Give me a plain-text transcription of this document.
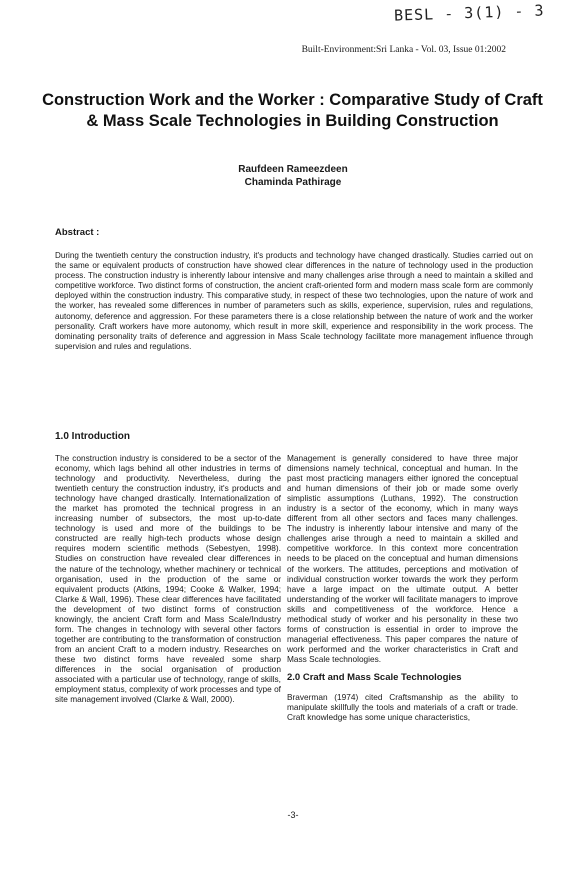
BESL - 3(1) - 3
Built-Environment:Sri Lanka - Vol. 03, Issue 01:2002
Construction Work and the Worker : Comparative Study of Craft & Mass Scale Technologies in Building Construction
Raufdeen Rameezdeen
Chaminda Pathirage
Abstract :

During the twentieth century the construction industry, it's products and technology have changed drastically. Studies carried out on the same or equivalent products of construction have showed clear differences in the nature of technology used in the production process. The construction industry is inherently labour intensive and many challenges arise through a need to maintain a skilled and competitive workforce. Two distinct forms of construction, the ancient craft-oriented form and modern mass scale form are commonly deployed within the construction industry. This comparative study, in respect of these two technologies, upon the nature of work and the worker, has revealed some differences in number of parameters such as skills, experience, supervision, rules and regulations, autonomy, deference and aggression. For these parameters there is a close relationship between the nature of work and the worker personality. Craft workers have more autonomy, which result in more skill, experience and responsibility in the work process. The dominating personality traits of deference and aggression in Mass Scale technology facilitate more management influence through supervision and rules and regulations.

1.0 Introduction

The construction industry is considered to be a sector of the economy, which lags behind all other industries in terms of technology and productivity. Nevertheless, during the twentieth century the construction industry, it's products and technology have changed drastically. Internationalization of the market has promoted the technical progress in an increasing number of subsectors, the most up-to-date technology is used and more of the buildings to be constructed are really high-tech products whose design requires modern scientific methods (Sebestyen, 1998). Studies on construction have revealed clear differences in the nature of the technology, whether machinery or technical organisation, used in the production of the same or equivalent products (Atkins, 1994; Cooke & Walker, 1994; Clarke & Wall, 1996). These clear differences have facilitated the development of two distinct forms of construction knowingly, the ancient Craft form and Mass Scale/Industry form. The changes in technology with several other factors together are contributing to the transformation of construction from an ancient Craft to a modern industry. Researches on these two distinct forms have revealed some sharp differences in the social organisation of production associated with a particular use of technology, range of skills, employment status, complexity of work processes and type of site management involved (Clarke & Wall, 2000).

Management is generally considered to have three major dimensions namely technical, conceptual and human. In the past most practicing managers either ignored the conceptual and human dimensions of their job or made some overly simplistic assumptions (Luthans, 1992). The construction industry is a sector of the economy, which in many ways different from all other sectors and faces many challenges. The industry is inherently labour intensive and many of the challenges arise through a need to maintain a skilled and competitive workforce. In this context more concentration needs to be placed on the conceptual and human dimensions of the workers. The attitudes, perceptions and motivation of individual construction worker towards the work they perform have a large impact on the ultimate output. A better understanding of the worker will facilitate managers to improve skills and competitiveness of the workforce. Hence a methodical study of worker and his personality in these two forms of construction is essential in order to improve the managerial effectiveness. This paper compares the nature of work performed and the worker characteristics in Craft and Mass Scale technologies.

2.0 Craft and Mass Scale Technologies

Braverman (1974) cited Craftsmanship as the ability to manipulate skillfully the tools and materials of a craft or trade. Craft knowledge has some unique characteristics,

-3-
